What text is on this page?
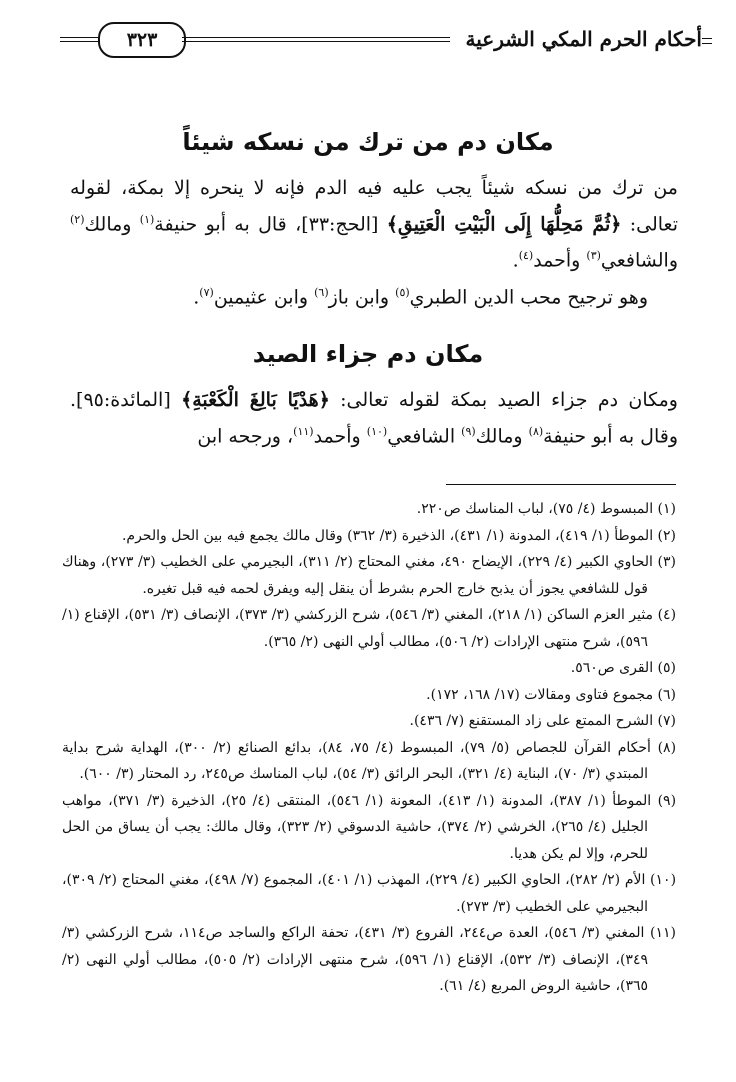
أحكام الحرم المكي الشرعية
٣٢٣
مكان دم من ترك من نسكه شيئاً

من ترك من نسكه شيئاً يجب عليه فيه الدم فإنه لا ينحره إلا بمكة، لقوله تعالى: ﴿ثُمَّ مَحِلُّهَا إِلَى الْبَيْتِ الْعَتِيقِ﴾ [الحج:٣٣]، قال به أبو حنيفة$^{(١)}$ ومالك$^{(٢)}$ والشافعي$^{(٣)}$ وأحمد$^{(٤)}$.

وهو ترجيح محب الدين الطبري$^{(٥)}$ وابن باز$^{(٦)}$ وابن عثيمين$^{(٧)}$.

مكان دم جزاء الصيد

ومكان دم جزاء الصيد بمكة لقوله تعالى: ﴿هَدْيًا بَالِغَ الْكَعْبَةِ﴾ [المائدة:٩٥]. وقال به أبو حنيفة$^{(٨)}$ ومالك$^{(٩)}$ الشافعي$^{(١٠)}$ وأحمد$^{(١١)}$، ورجحه ابن

(١) المبسوط (٤/ ٧٥)، لباب المناسك ص٢٢٠.

(٢) الموطأ (١/ ٤١٩)، المدونة (١/ ٤٣١)، الذخيرة (٣/ ٣٦٢) وقال مالك يجمع فيه بين الحل والحرم.

(٣) الحاوي الكبير (٤/ ٢٢٩)، الإيضاح ٤٩٠، مغني المحتاج (٢/ ٣١١)، البجيرمي على الخطيب (٣/ ٢٧٣)، وهناك قول للشافعي يجوز أن يذبح خارج الحرم بشرط أن ينقل إليه ويفرق لحمه فيه قبل تغيره.

(٤) مثير العزم الساكن (١/ ٢١٨)، المغني (٣/ ٥٤٦)، شرح الزركشي (٣/ ٣٧٣)، الإنصاف (٣/ ٥٣١)، الإقناع (١/ ٥٩٦)، شرح منتهى الإرادات (٢/ ٥٠٦)، مطالب أولي النهى (٢/ ٣٦٥).

(٥) القرى ص٥٦٠.

(٦) مجموع فتاوى ومقالات (١٧/ ١٦٨، ١٧٢).

(٧) الشرح الممتع على زاد المستقنع (٧/ ٤٣٦).

(٨) أحكام القرآن للجصاص (٥/ ٧٩)، المبسوط (٤/ ٧٥، ٨٤)، بدائع الصنائع (٢/ ٣٠٠)، الهداية شرح بداية المبتدي (٣/ ٧٠)، البناية (٤/ ٣٢١)، البحر الرائق (٣/ ٥٤)، لباب المناسك ص٢٤٥، رد المحتار (٣/ ٦٠٠).

(٩) الموطأ (١/ ٣٨٧)، المدونة (١/ ٤١٣)، المعونة (١/ ٥٤٦)، المنتقى (٤/ ٢٥)، الذخيرة (٣/ ٣٧١)، مواهب الجليل (٤/ ٢٦٥)، الخرشي (٢/ ٣٧٤)، حاشية الدسوقي (٢/ ٣٢٣)، وقال مالك: يجب أن يساق من الحل للحرم، وإلا لم يكن هديا.

(١٠) الأم (٢/ ٢٨٢)، الحاوي الكبير (٤/ ٢٢٩)، المهذب (١/ ٤٠١)، المجموع (٧/ ٤٩٨)، مغني المحتاج (٢/ ٣٠٩)، البجيرمي على الخطيب (٣/ ٢٧٣).

(١١) المغني (٣/ ٥٤٦)، العدة ص٢٤٤، الفروع (٣/ ٤٣١)، تحفة الراكع والساجد ص١١٤، شرح الزركشي (٣/ ٣٤٩)، الإنصاف (٣/ ٥٣٢)، الإقناع (١/ ٥٩٦)، شرح منتهى الإرادات (٢/ ٥٠٥)، مطالب أولي النهى (٢/ ٣٦٥)، حاشية الروض المربع (٤/ ٦١).
